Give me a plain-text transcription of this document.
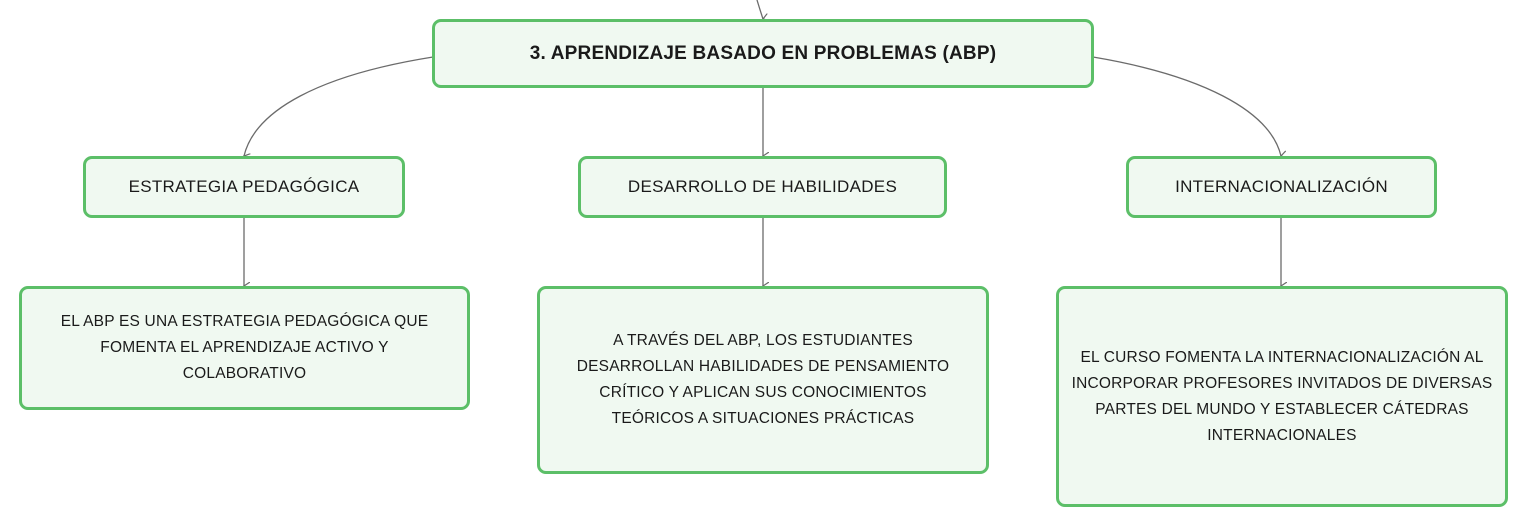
3. APRENDIZAJE BASADO EN PROBLEMAS (ABP)
ESTRATEGIA PEDAGÓGICA	DESARROLLO DE HABILIDADES	INTERNACIONALIZACIÓN
EL ABP ES UNA ESTRATEGIA PEDAGÓGICA QUE FOMENTA EL APRENDIZAJE ACTIVO Y COLABORATIVO
A TRAVÉS DEL ABP, LOS ESTUDIANTES DESARROLLAN HABILIDADES DE PENSAMIENTO CRÍTICO Y APLICAN SUS CONOCIMIENTOS TEÓRICOS A SITUACIONES PRÁCTICAS
EL CURSO FOMENTA LA INTERNACIONALIZACIÓN AL INCORPORAR PROFESORES INVITADOS DE DIVERSAS PARTES DEL MUNDO Y ESTABLECER CÁTEDRAS INTERNACIONALES
